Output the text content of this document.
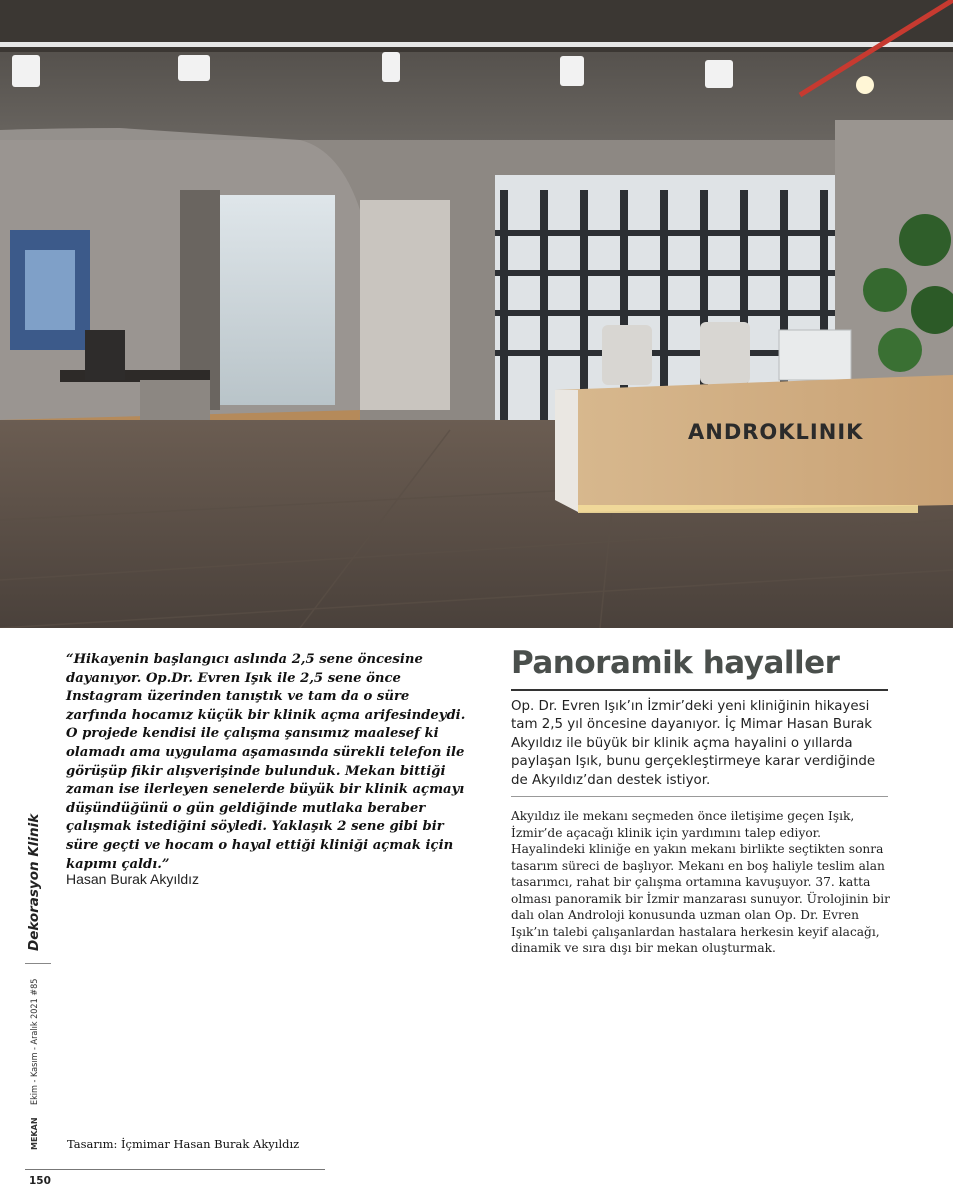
ANDROKLINIK

“Hikayenin başlangıcı aslında 2,5 sene öncesine dayanıyor. Op.Dr. Evren Işık ile 2,5 sene önce Instagram üzerinden tanıştık ve tam da o süre zarfında hocamız küçük bir klinik açma arifesindeydi. O projede kendisi ile çalışma şansımız maalesef ki olamadı ama uygulama aşamasında sürekli telefon ile görüşüp fikir alışverişinde bulunduk. Mekan bittiği zaman ise ilerleyen senelerde büyük bir klinik açmayı düşündüğünü o gün geldiğinde mutlaka beraber çalışmak istediğini söyledi. Yaklaşık 2 sene gibi bir süre geçti ve hocam o hayal ettiği kliniği açmak için kapımı çaldı.”

Hasan Burak Akyıldız
Panoramik hayaller

Op. Dr. Evren Işık’ın İzmir’deki yeni kliniğinin hikayesi tam 2,5 yıl öncesine dayanıyor. İç Mimar Hasan Burak Akyıldız ile büyük bir klinik açma hayalini o yıllarda paylaşan Işık, bunu gerçekleştirmeye karar verdiğinde de Akyıldız’dan destek istiyor.

Akyıldız ile mekanı seçmeden önce iletişime geçen Işık, İzmir’de açacağı klinik için yardımını talep ediyor. Hayalindeki kliniğe en yakın mekanı birlikte seçtikten sonra tasarım süreci de başlıyor. Mekanı en boş haliyle teslim alan tasarımcı, rahat bir çalışma ortamına kavuşuyor. 37. katta olması panoramik bir İzmir manzarası sunuyor. Ürolojinin bir dalı olan Androloji konusunda uzman olan Op. Dr. Evren Işık’ın talebi çalışanlardan hastalara herkesin keyif alacağı, dinamik ve sıra dışı bir mekan oluşturmak.

Dekorasyon Klinik
Ekim - Kasım - Aralık 2021 #85
MEKAN Tasarım: İçmimar Hasan Burak Akyıldız
150
